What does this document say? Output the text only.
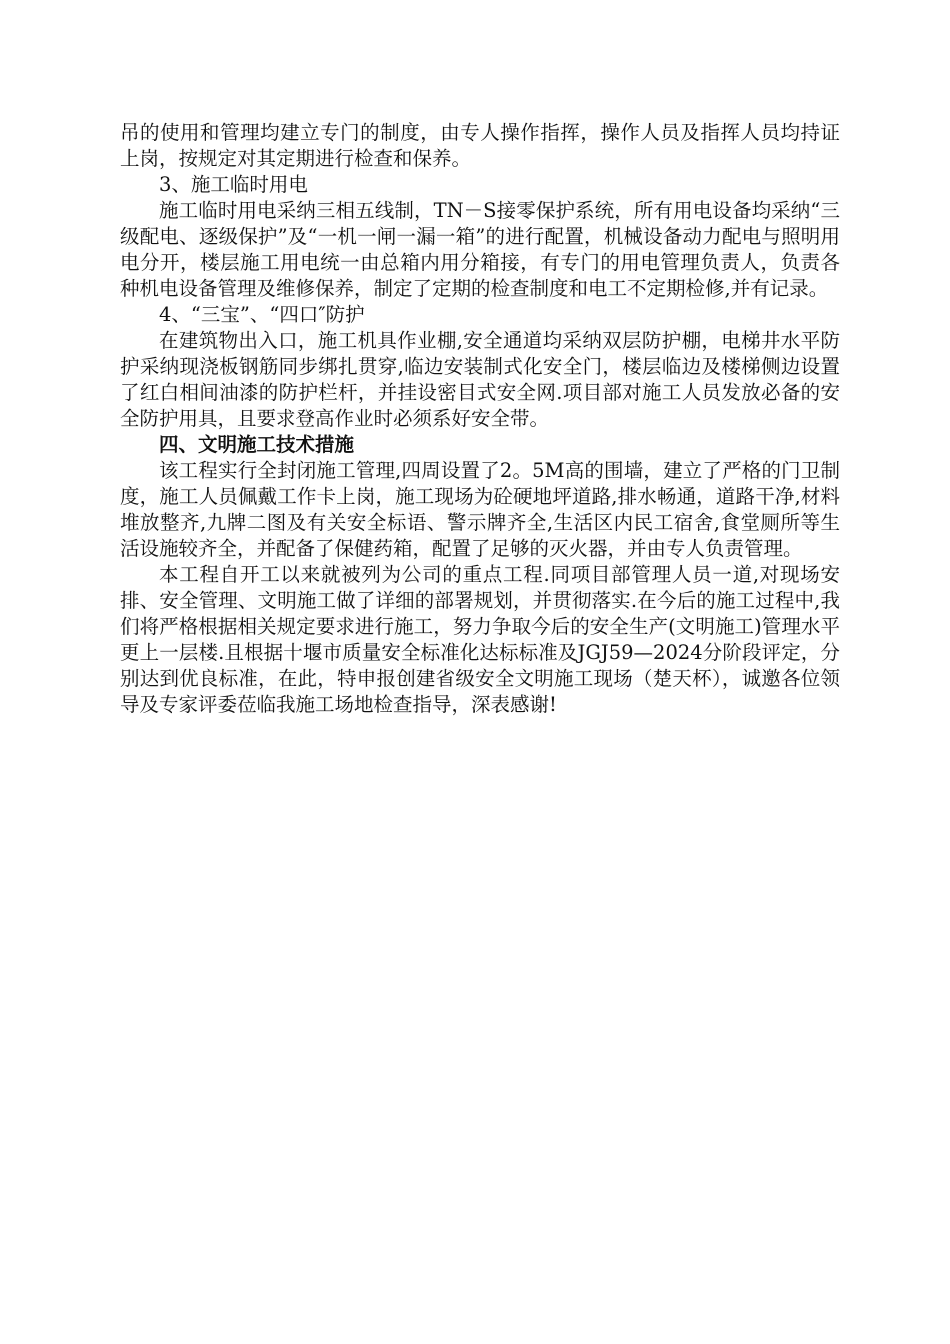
吊的使用和管理均建立专门的制度，由专人操作指挥，操作人员及指挥人员均持证上岗，按规定对其定期进行检查和保养。

3、施工临时用电

施工临时用电采纳三相五线制，TN－S接零保护系统，所有用电设备均采纳“三级配电、逐级保护”及“一机一闸一漏一箱”的进行配置，机械设备动力配电与照明用电分开，楼层施工用电统一由总箱内用分箱接，有专门的用电管理负责人，负责各种机电设备管理及维修保养，制定了定期的检查制度和电工不定期检修,并有记录。

4、“三宝”、“四口″防护

在建筑物出入口，施工机具作业棚,安全通道均采纳双层防护棚，电梯井水平防护采纳现浇板钢筋同步绑扎贯穿,临边安装制式化安全门，楼层临边及楼梯侧边设置了红白相间油漆的防护栏杆，并挂设密目式安全网.项目部对施工人员发放必备的安全防护用具，且要求登高作业时必须系好安全带。

四、文明施工技术措施

该工程实行全封闭施工管理,四周设置了2。5M高的围墙，建立了严格的门卫制度，施工人员佩戴工作卡上岗，施工现场为砼硬地坪道路,排水畅通，道路干净,材料堆放整齐,九牌二图及有关安全标语、警示牌齐全,生活区内民工宿舍,食堂厕所等生活设施较齐全，并配备了保健药箱，配置了足够的灭火器，并由专人负责管理。

本工程自开工以来就被列为公司的重点工程.同项目部管理人员一道,对现场安排、安全管理、文明施工做了详细的部署规划，并贯彻落实.在今后的施工过程中,我们将严格根据相关规定要求进行施工，努力争取今后的安全生产(文明施工)管理水平更上一层楼.且根据十堰市质量安全标准化达标标准及JGJ59—2024分阶段评定，分别达到优良标准，在此，特申报创建省级安全文明施工现场（楚天杯），诚邀各位领导及专家评委莅临我施工场地检查指导，深表感谢!
